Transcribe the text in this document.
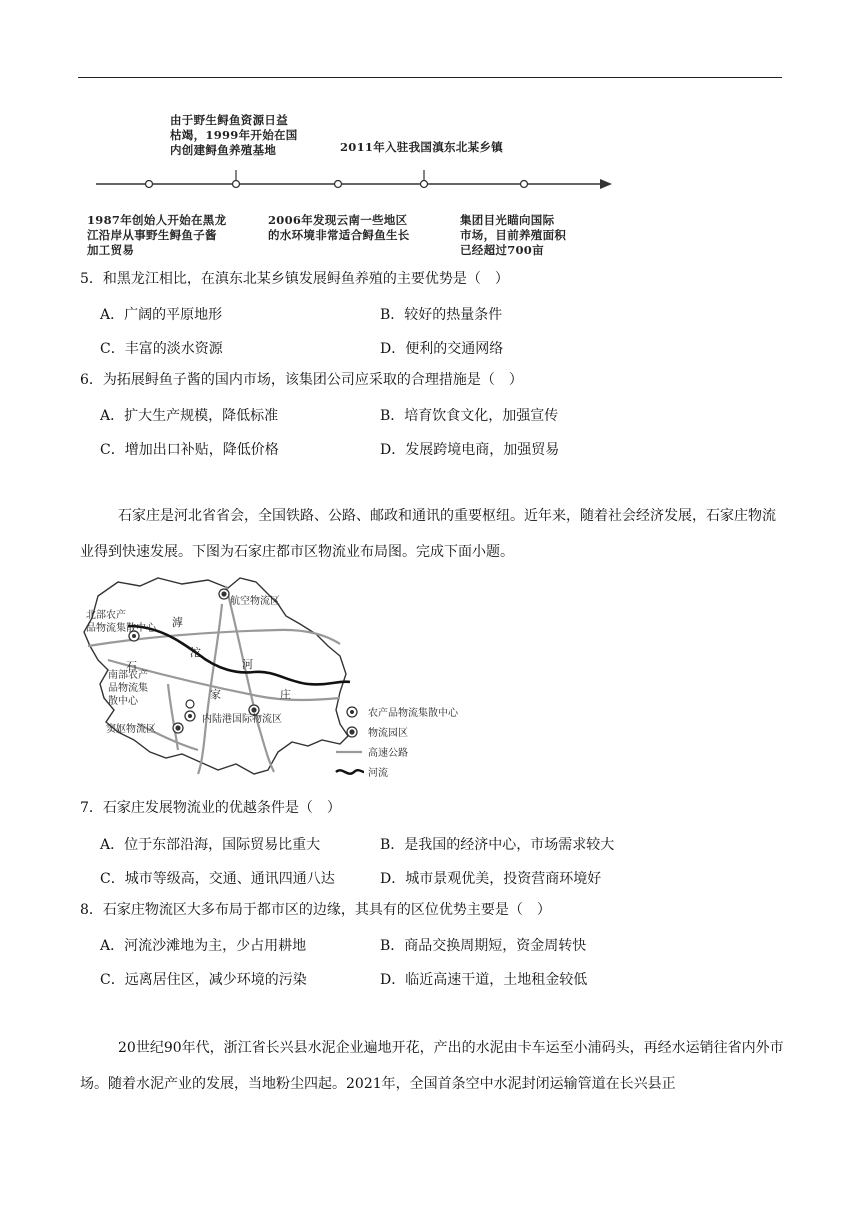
由于野生鲟鱼资源日益
枯竭，1999年开始在国
内创建鲟鱼养殖基地	2011年入驻我国滇东北某乡镇
1987年创始人开始在黑龙
江沿岸从事野生鲟鱼子酱
加工贸易
2006年发现云南一些地区
的水环境非常适合鲟鱼生长
集团目光瞄向国际
市场，目前养殖面积
已经超过700亩
5．和黑龙江相比，在滇东北某乡镇发展鲟鱼养殖的主要优势是（　）
A．广阔的平原地形	B．较好的热量条件
C．丰富的淡水资源	D．便利的交通网络
6．为拓展鲟鱼子酱的国内市场，该集团公司应采取的合理措施是（　）
A．扩大生产规模，降低标准	B．培育饮食文化，加强宣传
C．增加出口补贴，降低价格	D．发展跨境电商，加强贸易
石家庄是河北省省会，全国铁路、公路、邮政和通讯的重要枢纽。近年来，随着社会经济发展，石家庄物流业得到快速发展。下图为石家庄都市区物流业布局图。完成下面小题。
北部农产
品物流集散中心
航空物流区
南部农产
品物流集
散中心
窦妪物流区
内陆港国际物流区
滹
沱
河
石
家	庄
农产品物流集散中心
物流园区
高速公路
河流
7．石家庄发展物流业的优越条件是（　）
A．位于东部沿海，国际贸易比重大	B．是我国的经济中心，市场需求较大
C．城市等级高，交通、通讯四通八达	D．城市景观优美，投资营商环境好
8．石家庄物流区大多布局于都市区的边缘，其具有的区位优势主要是（　）
A．河流沙滩地为主，少占用耕地	B．商品交换周期短，资金周转快
C．远离居住区，减少环境的污染	D．临近高速干道，土地租金较低
20世纪90年代，浙江省长兴县水泥企业遍地开花，产出的水泥由卡车运至小浦码头，再经水运销往省内外市场。随着水泥产业的发展，当地粉尘四起。2021年，全国首条空中水泥封闭运输管道在长兴县正
